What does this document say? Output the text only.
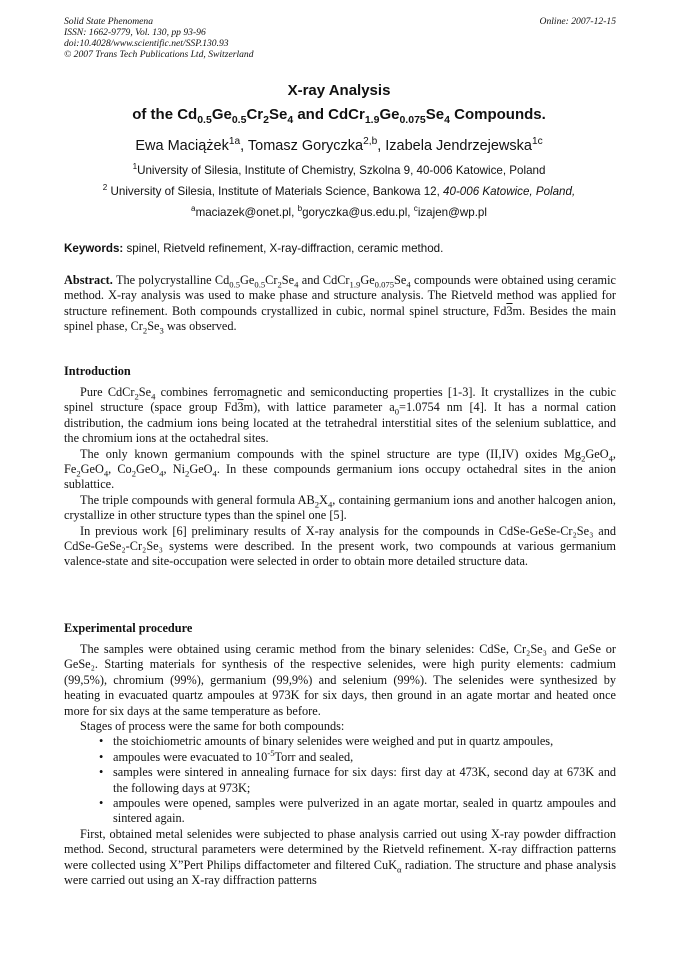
Solid State Phenomena
ISSN: 1662-9779, Vol. 130, pp 93-96
doi:10.4028/www.scientific.net/SSP.130.93
© 2007 Trans Tech Publications Ltd, Switzerland
Online: 2007-12-15
X-ray Analysis
of the $Cd_{0.5}Ge_{0.5}Cr_2Se_4$ and $CdCr_{1.9}Ge_{0.075}Se_4$ Compounds.
Ewa Maciążek$^{1a}$, Tomasz Goryczka$^{2,b}$, Izabela Jendrzejewska$^{1c}$
$^1$University of Silesia, Institute of Chemistry, Szkolna 9, 40-006 Katowice, Poland
$^2$ University of Silesia, Institute of Materials Science, Bankowa 12, 40-006 Katowice, Poland,
$^a$maciazek@onet.pl, $^b$goryczka@us.edu.pl, $^c$izajen@wp.pl
Keywords: spinel, Rietveld refinement, X-ray-diffraction, ceramic method.

Abstract. The polycrystalline $Cd_{0.5}Ge_{0.5}Cr_2Se_4$ and $CdCr_{1.9}Ge_{0.075}Se_4$ compounds were obtained using ceramic method. X-ray analysis was used to make phase and structure analysis. The Rietveld method was applied for structure refinement. Both compounds crystallized in cubic, normal spinel structure, Fd3m. Besides the main spinel phase, $Cr_2Se_3$ was observed.

Introduction

Pure $CdCr_2Se_4$ combines ferromagnetic and semiconducting properties [1-3]. It crystallizes in the cubic spinel structure (space group Fd3m), with lattice parameter $a_0=1.0754$ nm [4]. It has a normal cation distribution, the cadmium ions being located at the tetrahedral interstitial sites of the selenium sublattice, and the chromium ions at the octahedral sites.

The only known germanium compounds with the spinel structure are type (II,IV) oxides $Mg_2GeO_4$, $Fe_2GeO_4$, $Co_2GeO_4$, $Ni_2GeO_4$. In these compounds germanium ions occupy octahedral sites in the anion sublattice.

The triple compounds with general formula $AB_2X_4$, containing germanium ions and another halcogen anion, crystallize in other structure types than the spinel one [5].

In previous work [6] preliminary results of X-ray analysis for the compounds in CdSe-GeSe-Cr₂Se₃ and CdSe-GeSe₂-Cr₂Se₃ systems were described. In the present work, two compounds at various germanium valence-state and site-occupation were selected in order to obtain more detailed structure data.

Experimental procedure

The samples were obtained using ceramic method from the binary selenides: CdSe, Cr₂Se₃ and GeSe or GeSe₂. Starting materials for synthesis of the respective selenides, were high purity elements: cadmium (99,5%), chromium (99%), germanium (99,9%) and selenium (99%). The selenides were synthesized by heating in evacuated quartz ampoules at 973K for six days, then ground in an agate mortar and heated once more for six days at the same temperature as before.

Stages of process were the same for both compounds:

• the stoichiometric amounts of binary selenides were weighed and put in quartz ampoules,
• ampoules were evacuated to $10^{-5}Torr$ and sealed,
• samples were sintered in annealing furnace for six days: first day at 473K, second day at 673K and the following days at 973K;
• ampoules were opened, samples were pulverized in an agate mortar, sealed in quartz ampoules and sintered again.

First, obtained metal selenides were subjected to phase analysis carried out using X-ray powder diffraction method. Second, structural parameters were determined by the Rietveld refinement. X-ray diffraction patterns were collected using X”Pert Philips diffactometer and filtered CuK$_\alpha$ radiation. The structure and phase analysis were carried out using an X-ray diffraction patterns
